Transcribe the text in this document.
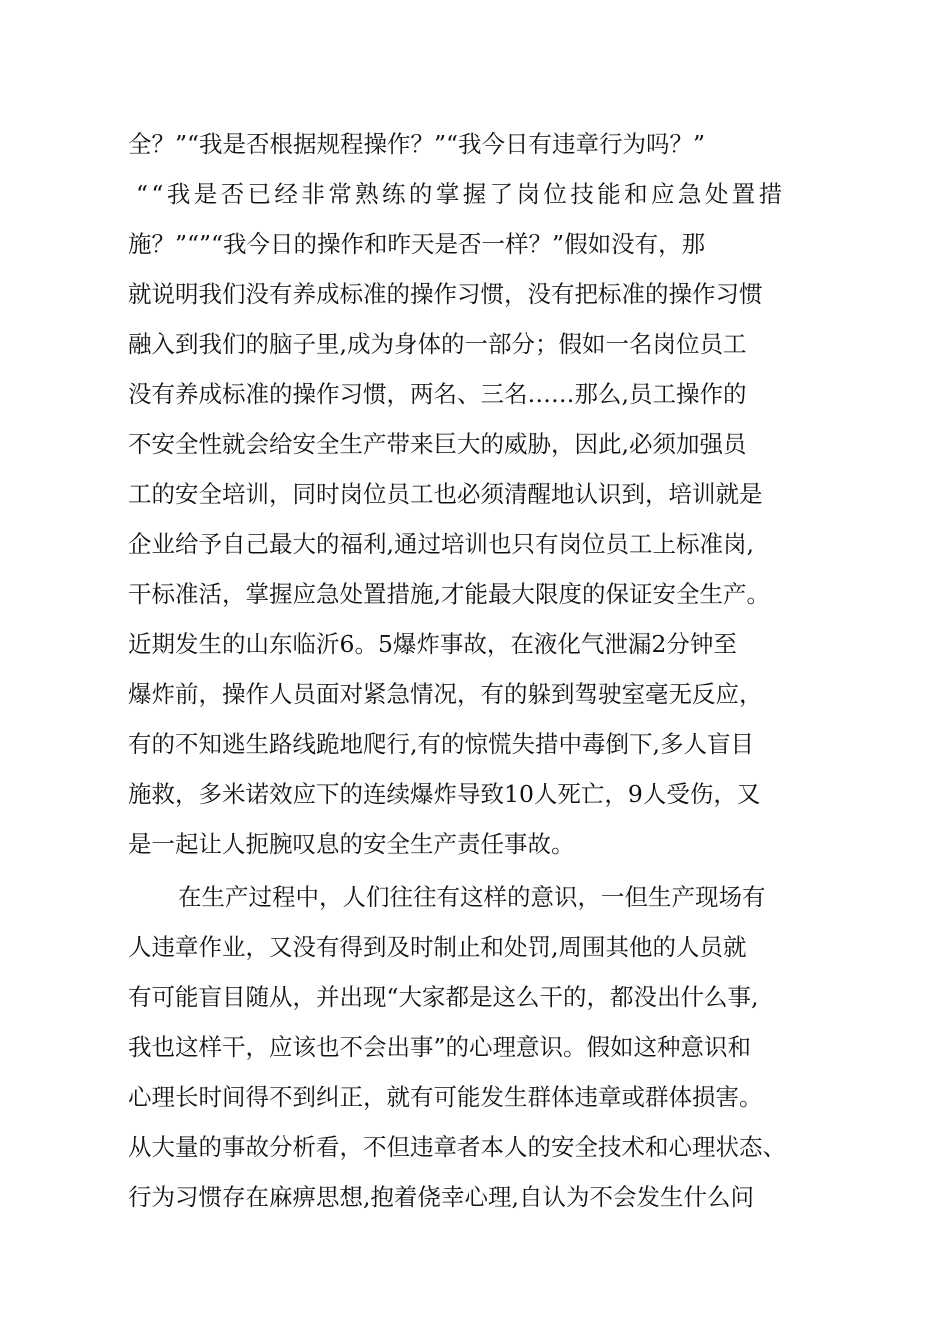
全？”“我是否根据规程操作？”“我今日有违章行为吗？”
““我是否已经非常熟练的掌握了岗位技能和应急处置措
施？”“”“我今日的操作和昨天是否一样？”假如没有，那
就说明我们没有养成标准的操作习惯，没有把标准的操作习惯
融入到我们的脑子里,成为身体的一部分；假如一名岗位员工
没有养成标准的操作习惯，两名、三名……那么,员工操作的
不安全性就会给安全生产带来巨大的威胁，因此,必须加强员
工的安全培训，同时岗位员工也必须清醒地认识到，培训就是
企业给予自己最大的福利,通过培训也只有岗位员工上标准岗,
干标准活，掌握应急处置措施,才能最大限度的保证安全生产。
近期发生的山东临沂6。5爆炸事故，在液化气泄漏2分钟至
爆炸前，操作人员面对紧急情况，有的躲到驾驶室毫无反应，
有的不知逃生路线跪地爬行,有的惊慌失措中毒倒下,多人盲目
施救，多米诺效应下的连续爆炸导致10人死亡，9人受伤，又
是一起让人扼腕叹息的安全生产责任事故。
在生产过程中，人们往往有这样的意识，一但生产现场有
人违章作业，又没有得到及时制止和处罚,周围其他的人员就
有可能盲目随从，并出现“大家都是这么干的，都没出什么事,
我也这样干，应该也不会出事”的心理意识。假如这种意识和
心理长时间得不到纠正，就有可能发生群体违章或群体损害。
从大量的事故分析看，不但违章者本人的安全技术和心理状态、
行为习惯存在麻痹思想,抱着侥幸心理,自认为不会发生什么问
